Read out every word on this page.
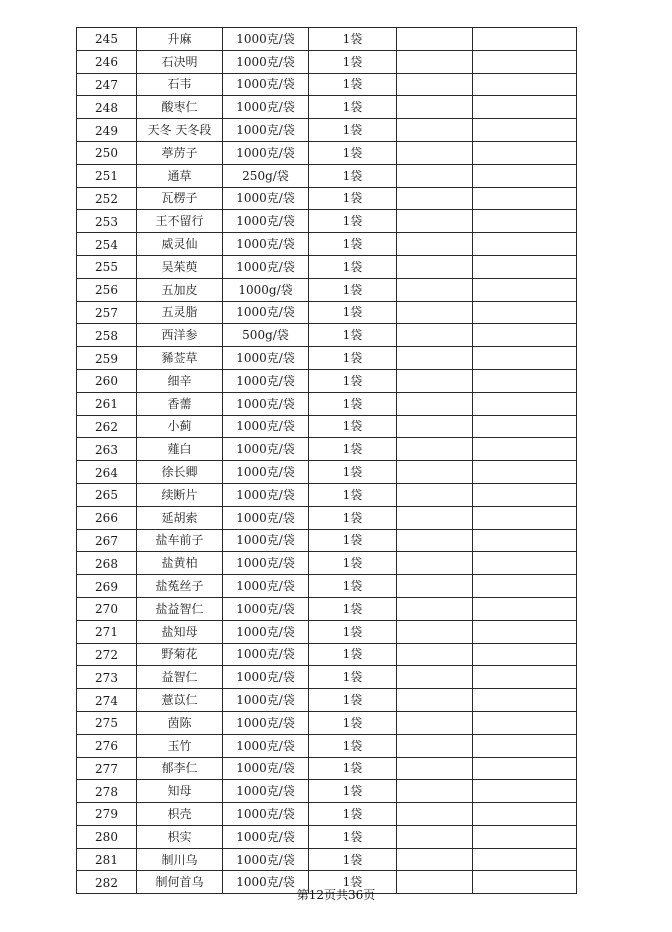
245	升麻	1000克/袋	1袋		
246	石决明	1000克/袋	1袋		
247	石韦	1000克/袋	1袋		
248	酸枣仁	1000克/袋	1袋		
249	天冬 天冬段	1000克/袋	1袋		
250	葶苈子	1000克/袋	1袋		
251	通草	250g/袋	1袋		
252	瓦楞子	1000克/袋	1袋		
253	王不留行	1000克/袋	1袋		
254	威灵仙	1000克/袋	1袋		
255	吴茱萸	1000克/袋	1袋		
256	五加皮	1000g/袋	1袋		
257	五灵脂	1000克/袋	1袋		
258	西洋参	500g/袋	1袋		
259	豨莶草	1000克/袋	1袋		
260	细辛	1000克/袋	1袋		
261	香薷	1000克/袋	1袋		
262	小蓟	1000克/袋	1袋		
263	薤白	1000克/袋	1袋		
264	徐长卿	1000克/袋	1袋		
265	续断片	1000克/袋	1袋		
266	延胡索	1000克/袋	1袋		
267	盐车前子	1000克/袋	1袋		
268	盐黄柏	1000克/袋	1袋		
269	盐菟丝子	1000克/袋	1袋		
270	盐益智仁	1000克/袋	1袋		
271	盐知母	1000克/袋	1袋		
272	野菊花	1000克/袋	1袋		
273	益智仁	1000克/袋	1袋		
274	薏苡仁	1000克/袋	1袋		
275	茵陈	1000克/袋	1袋		
276	玉竹	1000克/袋	1袋		
277	郁李仁	1000克/袋	1袋		
278	知母	1000克/袋	1袋		
279	枳壳	1000克/袋	1袋		
280	枳实	1000克/袋	1袋		
281	制川乌	1000克/袋	1袋		
282	制何首乌	1000克/袋	1袋		
第12页共36页
